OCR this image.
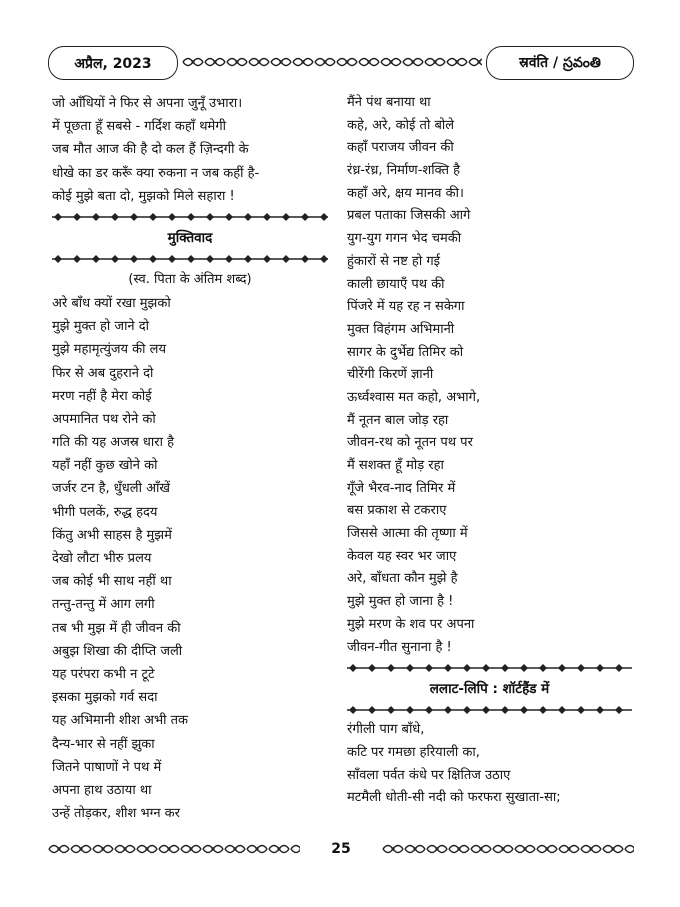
अप्रैल, 2023	स्रवंति / స్రవంతి
जो आँधियों ने फिर से अपना जुनूँ उभारा।
में पूछता हूँ सबसे - गर्दिश कहाँ थमेगी
जब मौत आज की है दो कल हैं ज़िन्दगी के
धोखे का डर करूँ क्या रुकना न जब कहीं है-
कोई मुझे बता दो, मुझको मिले सहारा !
मुक्तिवाद
(स्व. पिता के अंतिम शब्द)
अरे बाँध क्यों रखा मुझको
मुझे मुक्त हो जाने दो
मुझे महामृत्युंजय की लय
फिर से अब दुहराने दो
मरण नहीं है मेरा कोई
अपमानित पथ रोने को
गति की यह अजस्र धारा है
यहाँ नहीं कुछ खोने को
जर्जर टन है, धुँधली आँखें
भीगी पलकें, रुद्ध हदय
किंतु अभी साहस है मुझमें
देखो लौटा भीरु प्रलय
जब कोई भी साथ नहीं था
तन्तु-तन्तु में आग लगी
तब भी मुझ में ही जीवन की
अबुझ शिखा की दीप्ति जली
यह परंपरा कभी न टूटे
इसका मुझको गर्व सदा
यह अभिमानी शीश अभी तक
दैन्य-भार से नहीं झुका
जितने पाषाणों ने पथ में
अपना हाथ उठाया था
उन्हें तोड़कर, शीश भग्न कर
मैंने पंथ बनाया था
कहे, अरे, कोई तो बोले
कहाँ पराजय जीवन की
रंध्र-रंध्र, निर्माण-शक्ति है
कहाँ अरे, क्षय मानव की।
प्रबल पताका जिसकी आगे
युग-युग गगन भेद चमकी
हुंकारों से नष्ट हो गई
काली छायाएँ पथ की
पिंजरे में यह रह न सकेगा
मुक्त विहंगम अभिमानी
सागर के दुर्भेद्य तिमिर को
चीरेंगी किरणें ज्ञानी
ऊर्ध्वश्वास मत कहो, अभागे,
मैं नूतन बाल जोड़ रहा
जीवन-रथ को नूतन पथ पर
मैं सशक्त हूँ मोड़ रहा
गूँजे भैरव-नाद तिमिर में
बस प्रकाश से टकराए
जिससे आत्मा की तृष्णा में
केवल यह स्वर भर जाए
अरे, बाँधता कौन मुझे है
मुझे मुक्त हो जाना है !
मुझे मरण के शव पर अपना
जीवन-गीत सुनाना है !
ललाट-लिपि : शॉर्टहैंड में
रंगीली पाग बाँधे,
कटि पर गमछा हरियाली का,
साँवला पर्वत कंधे पर क्षितिज उठाए
मटमैली धोती-सी नदी को फरफरा सुखाता-सा;
25
